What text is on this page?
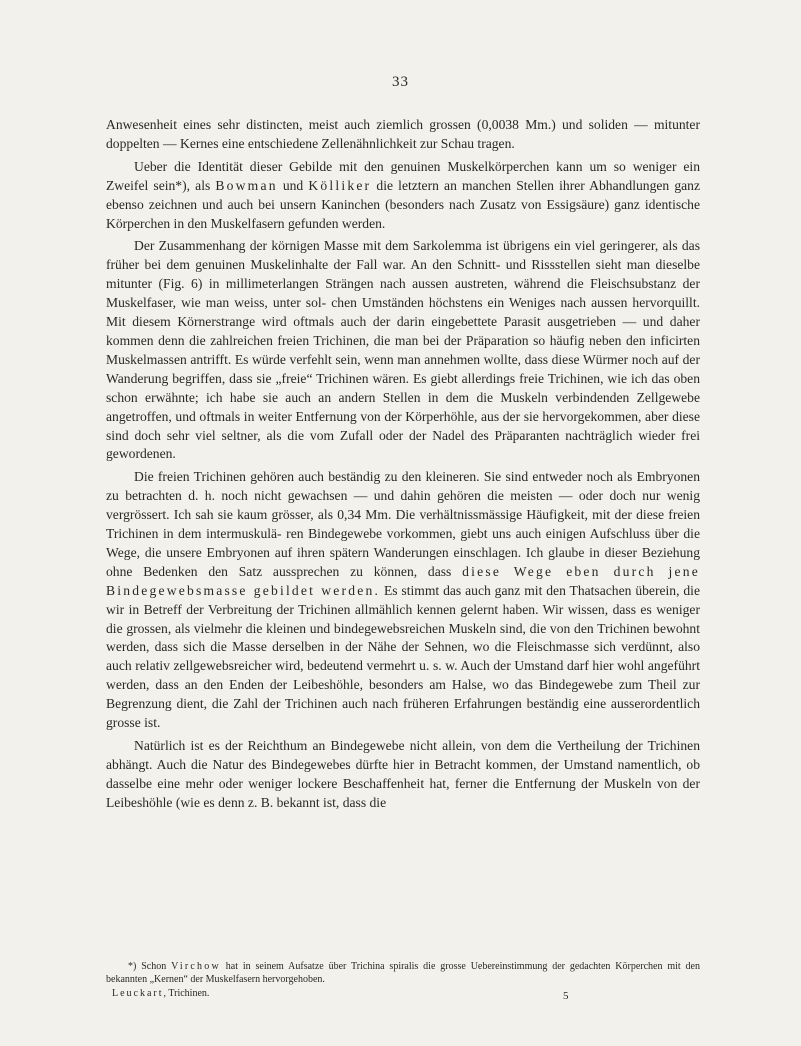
33

Anwesenheit eines sehr distincten, meist auch ziemlich grossen (0,0038 Mm.) und soliden — mitunter doppelten — Kernes eine entschiedene Zellenähnlichkeit zur Schau tragen.

Ueber die Identität dieser Gebilde mit den genuinen Muskelkörperchen kann um so weniger ein Zweifel sein*), als Bowman und Kölliker die letztern an manchen Stellen ihrer Abhandlungen ganz ebenso zeichnen und auch bei unsern Kaninchen (besonders nach Zusatz von Essigsäure) ganz identische Körperchen in den Muskelfasern gefunden werden.

Der Zusammenhang der körnigen Masse mit dem Sarkolemma ist übrigens ein viel geringerer, als das früher bei dem genuinen Muskelinhalte der Fall war. An den Schnitt- und Rissstellen sieht man dieselbe mitunter (Fig. 6) in millimeterlangen Strängen nach aussen austreten, während die Fleischsubstanz der Muskelfaser, wie man weiss, unter sol- chen Umständen höchstens ein Weniges nach aussen hervorquillt. Mit diesem Körnerstrange wird oftmals auch der darin eingebettete Parasit ausgetrieben — und daher kommen denn die zahlreichen freien Trichinen, die man bei der Präparation so häufig neben den inficirten Muskelmassen antrifft. Es würde verfehlt sein, wenn man annehmen wollte, dass diese Würmer noch auf der Wanderung begriffen, dass sie „freie“ Trichinen wären. Es giebt allerdings freie Trichinen, wie ich das oben schon erwähnte; ich habe sie auch an andern Stellen in dem die Muskeln verbindenden Zellgewebe angetroffen, und oftmals in weiter Entfernung von der Körperhöhle, aus der sie hervorgekommen, aber diese sind doch sehr viel seltner, als die vom Zufall oder der Nadel des Präparanten nachträglich wieder frei gewordenen.

Die freien Trichinen gehören auch beständig zu den kleineren. Sie sind entweder noch als Embryonen zu betrachten d. h. noch nicht gewachsen — und dahin gehören die meisten — oder doch nur wenig vergrössert. Ich sah sie kaum grösser, als 0,34 Mm. Die verhältnissmässige Häufigkeit, mit der diese freien Trichinen in dem intermuskulä- ren Bindegewebe vorkommen, giebt uns auch einigen Aufschluss über die Wege, die unsere Embryonen auf ihren spätern Wanderungen einschlagen. Ich glaube in dieser Beziehung ohne Bedenken den Satz aussprechen zu können, dass diese Wege eben durch jene Bindegewebsmasse gebildet werden. Es stimmt das auch ganz mit den Thatsachen überein, die wir in Betreff der Verbreitung der Trichinen allmählich kennen gelernt haben. Wir wissen, dass es weniger die grossen, als vielmehr die kleinen und bindegewebsreichen Muskeln sind, die von den Trichinen bewohnt werden, dass sich die Masse derselben in der Nähe der Sehnen, wo die Fleischmasse sich verdünnt, also auch relativ zellgewebsreicher wird, bedeutend vermehrt u. s. w. Auch der Umstand darf hier wohl angeführt werden, dass an den Enden der Leibeshöhle, besonders am Halse, wo das Bindegewebe zum Theil zur Begrenzung dient, die Zahl der Trichinen auch nach früheren Erfahrungen beständig eine ausserordentlich grosse ist.

Natürlich ist es der Reichthum an Bindegewebe nicht allein, von dem die Vertheilung der Trichinen abhängt. Auch die Natur des Bindegewebes dürfte hier in Betracht kommen, der Umstand namentlich, ob dasselbe eine mehr oder weniger lockere Beschaffenheit hat, ferner die Entfernung der Muskeln von der Leibeshöhle (wie es denn z. B. bekannt ist, dass die

*) Schon Virchow hat in seinem Aufsatze über Trichina spiralis die grosse Uebereinstimmung der gedachten Körperchen mit den bekannten „Kernen“ der Muskelfasern hervorgehoben.

Leuckart, Trichinen.	5
